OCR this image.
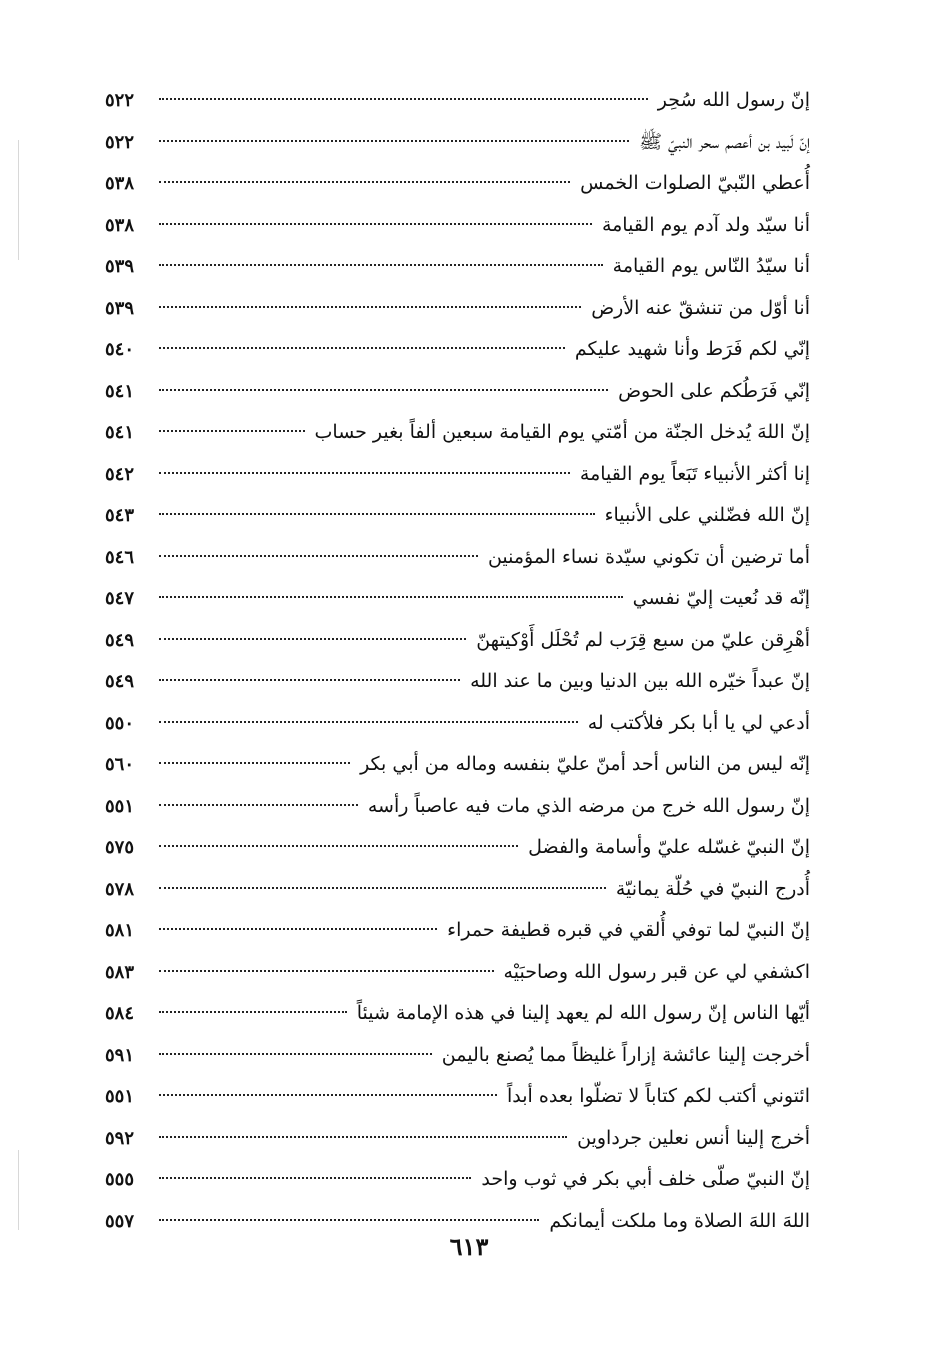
إنّ رسول الله سُحِر
٥٢٢
إنّ لَبيد بن أعصم سحر النبيّ ﷺ
٥٢٢
أُعطي النّبيّ الصلوات الخمس
٥٣٨
أنا سيّد ولد آدم يوم القيامة
٥٣٨
أنا سيّدُ النّاس يوم القيامة
٥٣٩
أنا أوّل من تنشقّ عنه الأرض
٥٣٩
إنّي لكم فَرَط وأنا شهيد عليكم
٥٤٠
إنّي فَرَطُكم على الحوض
٥٤١
إنّ اللهَ يُدخل الجنّة من أمّتي يوم القيامة سبعين ألفاً بغير حساب
٥٤١
إنا أكثر الأنبياء تَبَعاً يوم القيامة
٥٤٢
إنّ الله فضّلني على الأنبياء
٥٤٣
أما ترضين أن تكوني سيّدة نساء المؤمنين
٥٤٦
إنّه قد نُعيت إليّ نفسي
٥٤٧
أهْرِقن عليّ من سبع قِرَب لم تُحْلَل أَوْكيتهنّ
٥٤٩
إنّ عبداً خيّره الله بين الدنيا وبين ما عند الله
٥٤٩
أدعي لي يا أبا بكر فلأكتب له
٥٥٠
إنّه ليس من الناس أحد أمنّ عليّ بنفسه وماله من أبي بكر
٥٦٠
إنّ رسول الله خرج من مرضه الذي مات فيه عاصباً رأسه
٥٥١
إنّ النبيّ غسّله عليّ وأسامة والفضل
٥٧٥
أُدرج النبيّ في حُلّة يمانيّة
٥٧٨
إنّ النبيّ لما توفي أُلقي في قبره قطيفة حمراء
٥٨١
اكشفي لي عن قبر رسول الله وصاحبَيْه
٥٨٣
أيّها الناس إنّ رسول الله لم يعهد إلينا في هذه الإمامة شيئاً
٥٨٤
أخرجت إلينا عائشة إزاراً غليظاً مما يُصنع باليمن
٥٩١
ائتوني أكتب لكم كتاباً لا تضلّوا بعده أبداً
٥٥١
أخرج إلينا أنس نعلين جرداوين
٥٩٢
إنّ النبيّ صلّى خلف أبي بكر في ثوب واحد
٥٥٥
اللهَ اللهَ الصلاة وما ملكت أيمانكم
٥٥٧
٦١٣
